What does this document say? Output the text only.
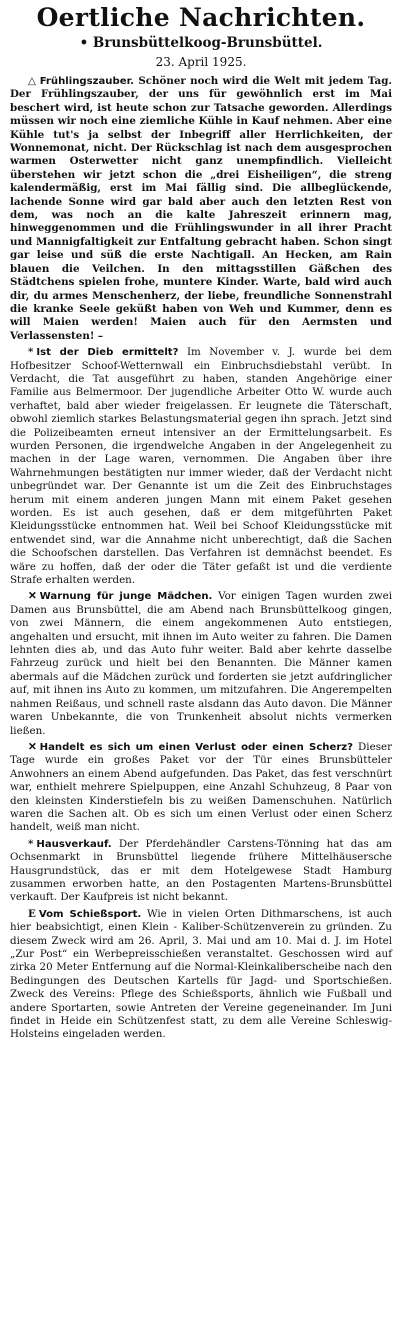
Oertliche Nachrichten.
• Brunsbüttelkoog-Brunsbüttel.
23. April 1925.

△ Frühlingszauber. Schöner noch wird die Welt mit jedem Tag. Der Frühlingszauber, der uns für gewöhnlich erst im Mai beschert wird, ist heute schon zur Tatsache geworden. Allerdings müssen wir noch eine ziemliche Kühle in Kauf nehmen. Aber eine Kühle tut's ja selbst der Inbegriff aller Herrlichkeiten, der Wonnemonat, nicht. Der Rückschlag ist nach dem ausgesprochen warmen Osterwetter nicht ganz unempfindlich. Vielleicht überstehen wir jetzt schon die „drei Eisheiligen“, die streng kalendermäßig, erst im Mai fällig sind. Die allbeglückende, lachende Sonne wird gar bald aber auch den letzten Rest von dem, was noch an die kalte Jahreszeit erinnern mag, hinweggenommen und die Frühlingswunder in all ihrer Pracht und Mannigfaltigkeit zur Entfaltung gebracht haben. Schon singt gar leise und süß die erste Nachtigall. An Hecken, am Rain blauen die Veilchen. In den mittagsstillen Gäßchen des Städtchens spielen frohe, muntere Kinder. Warte, bald wird auch dir, du armes Menschenherz, der liebe, freundliche Sonnenstrahl die kranke Seele geküßt haben von Weh und Kummer, denn es will Maien werden! Maien auch für den Aermsten und Verlassensten! –

* Ist der Dieb ermittelt? Im November v. J. wurde bei dem Hofbesitzer Schoof-Wetternwall ein Einbruchsdiebstahl verübt. In Verdacht, die Tat ausgeführt zu haben, standen Angehörige einer Familie aus Belmermoor. Der jugendliche Arbeiter Otto W. wurde auch verhaftet, bald aber wieder freigelassen. Er leugnete die Täterschaft, obwohl ziemlich starkes Belastungsmaterial gegen ihn sprach. Jetzt sind die Polizeibeamten erneut intensiver an der Ermittelungsarbeit. Es wurden Personen, die irgendwelche Angaben in der Angelegenheit zu machen in der Lage waren, vernommen. Die Angaben über ihre Wahrnehmungen bestätigten nur immer wieder, daß der Verdacht nicht unbegründet war. Der Genannte ist um die Zeit des Einbruchstages herum mit einem anderen jungen Mann mit einem Paket gesehen worden. Es ist auch gesehen, daß er dem mitgeführten Paket Kleidungsstücke entnommen hat. Weil bei Schoof Kleidungsstücke mit entwendet sind, war die Annahme nicht unberechtigt, daß die Sachen die Schoofschen darstellen. Das Verfahren ist demnächst beendet. Es wäre zu hoffen, daß der oder die Täter gefaßt ist und die verdiente Strafe erhalten werden.

✕ Warnung für junge Mädchen. Vor einigen Tagen wurden zwei Damen aus Brunsbüttel, die am Abend nach Brunsbüttelkoog gingen, von zwei Männern, die einem angekommenen Auto entstiegen, angehalten und ersucht, mit ihnen im Auto weiter zu fahren. Die Damen lehnten dies ab, und das Auto fuhr weiter. Bald aber kehrte dasselbe Fahrzeug zurück und hielt bei den Benannten. Die Männer kamen abermals auf die Mädchen zurück und forderten sie jetzt aufdringlicher auf, mit ihnen ins Auto zu kommen, um mitzufahren. Die Angerempelten nahmen Reißaus, und schnell raste alsdann das Auto davon. Die Männer waren Unbekannte, die von Trunkenheit absolut nichts vermerken ließen.

✕ Handelt es sich um einen Verlust oder einen Scherz? Dieser Tage wurde ein großes Paket vor der Tür eines Brunsbütteler Anwohners an einem Abend aufgefunden. Das Paket, das fest verschnürt war, enthielt mehrere Spielpuppen, eine Anzahl Schuhzeug, 8 Paar von den kleinsten Kinderstiefeln bis zu weißen Damenschuhen. Natürlich waren die Sachen alt. Ob es sich um einen Verlust oder einen Scherz handelt, weiß man nicht.

* Hausverkauf. Der Pferdehändler Carstens-Tönning hat das am Ochsenmarkt in Brunsbüttel liegende frühere Mittelhäusersche Hausgrundstück, das er mit dem Hotelgewese Stadt Hamburg zusammen erworben hatte, an den Postagenten Martens-Brunsbüttel verkauft. Der Kaufpreis ist nicht bekannt.

E Vom Schießsport. Wie in vielen Orten Dithmarschens, ist auch hier beabsichtigt, einen Klein - Kaliber-Schützenverein zu gründen. Zu diesem Zweck wird am 26. April, 3. Mai und am 10. Mai d. J. im Hotel „Zur Post“ ein Werbepreisschießen veranstaltet. Geschossen wird auf zirka 20 Meter Entfernung auf die Normal-Kleinkaliberscheibe nach den Bedingungen des Deutschen Kartells für Jagd- und Sportschießen. Zweck des Vereins: Pflege des Schießsports, ähnlich wie Fußball und andere Sportarten, sowie Antreten der Vereine gegeneinander. Im Juni findet in Heide ein Schützenfest statt, zu dem alle Vereine Schleswig-Holsteins eingeladen werden.
